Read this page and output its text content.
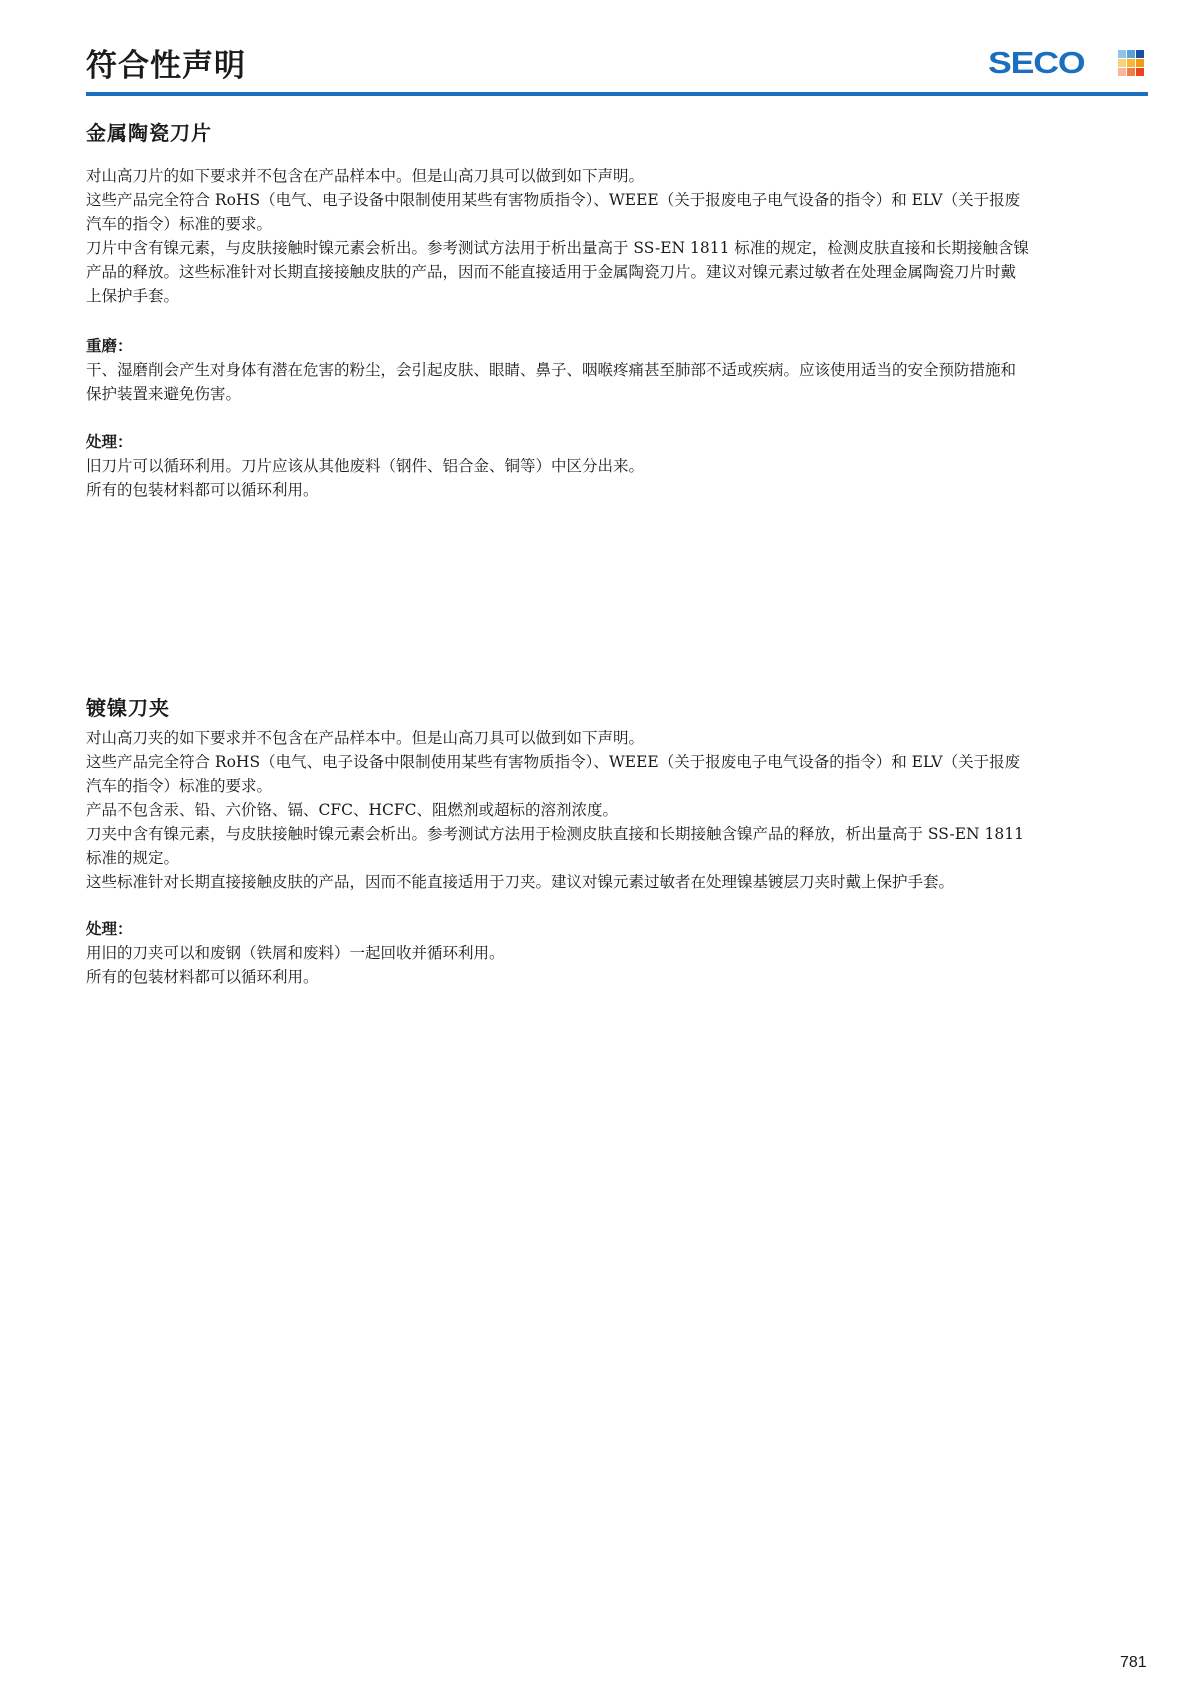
符合性声明	SECO
金属陶瓷刀片
对山高刀片的如下要求并不包含在产品样本中。但是山高刀具可以做到如下声明。
这些产品完全符合 RoHS（电气、电子设备中限制使用某些有害物质指令）、WEEE（关于报废电子电气设备的指令）和 ELV（关于报废
汽车的指令）标准的要求。
刀片中含有镍元素，与皮肤接触时镍元素会析出。参考测试方法用于析出量高于 SS-EN 1811 标准的规定，检测皮肤直接和长期接触含镍
产品的释放。这些标准针对长期直接接触皮肤的产品，因而不能直接适用于金属陶瓷刀片。建议对镍元素过敏者在处理金属陶瓷刀片时戴
上保护手套。
重磨：
干、湿磨削会产生对身体有潜在危害的粉尘，会引起皮肤、眼睛、鼻子、咽喉疼痛甚至肺部不适或疾病。应该使用适当的安全预防措施和
保护装置来避免伤害。
处理：
旧刀片可以循环利用。刀片应该从其他废料（钢件、铝合金、铜等）中区分出来。
所有的包装材料都可以循环利用。
镀镍刀夹
对山高刀夹的如下要求并不包含在产品样本中。但是山高刀具可以做到如下声明。
这些产品完全符合 RoHS（电气、电子设备中限制使用某些有害物质指令）、WEEE（关于报废电子电气设备的指令）和 ELV（关于报废
汽车的指令）标准的要求。
产品不包含汞、铅、六价铬、镉、CFC、HCFC、阻燃剂或超标的溶剂浓度。
刀夹中含有镍元素，与皮肤接触时镍元素会析出。参考测试方法用于检测皮肤直接和长期接触含镍产品的释放，析出量高于 SS-EN 1811
标准的规定。
这些标准针对长期直接接触皮肤的产品，因而不能直接适用于刀夹。建议对镍元素过敏者在处理镍基镀层刀夹时戴上保护手套。
处理：
用旧的刀夹可以和废钢（铁屑和废料）一起回收并循环利用。
所有的包装材料都可以循环利用。
781
